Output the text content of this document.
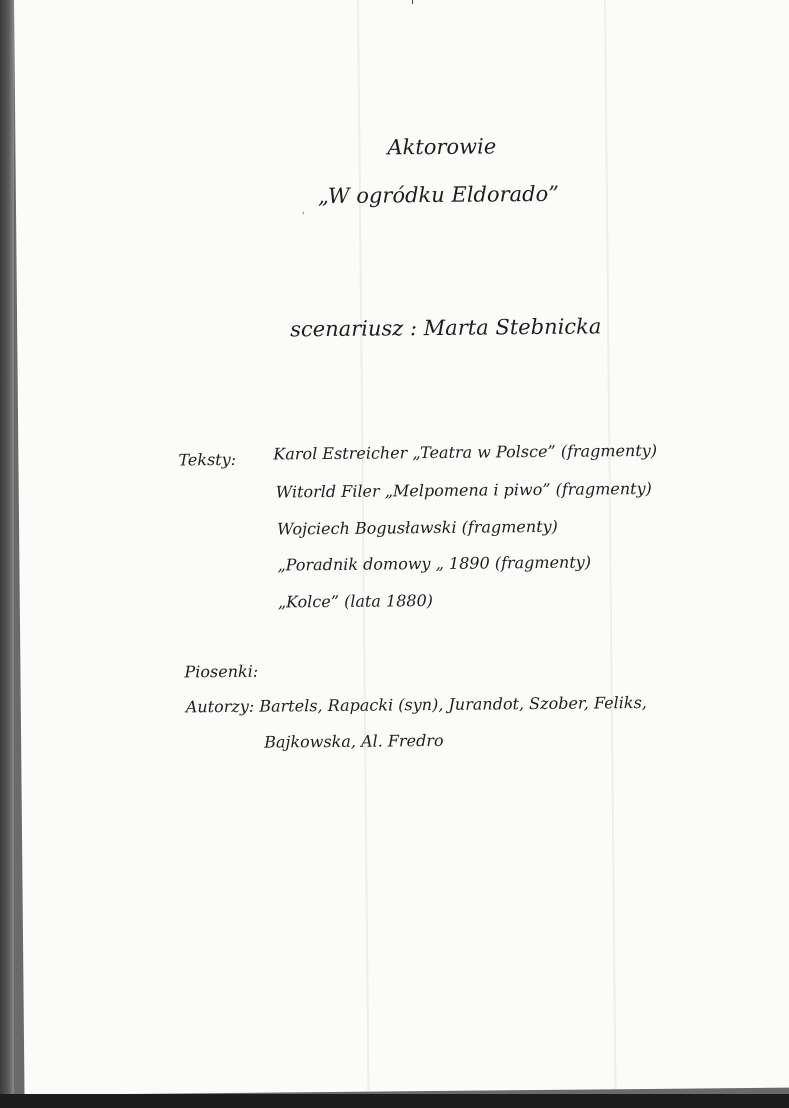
ʿ
Aktorowie
„W ogródku Eldorado”
scenariusz : Marta Stebnicka
Teksty: Karol Estreicher „Teatra w Polsce” (fragmenty)
Witorld Filer „Melpomena i piwo” (fragmenty)
Wojciech Bogusławski (fragmenty)
„Poradnik domowy „ 1890 (fragmenty)
„Kolce” (lata 1880)
Piosenki:
Autorzy: Bartels, Rapacki (syn), Jurandot, Szober, Feliks,
Bajkowska, Al. Fredro
